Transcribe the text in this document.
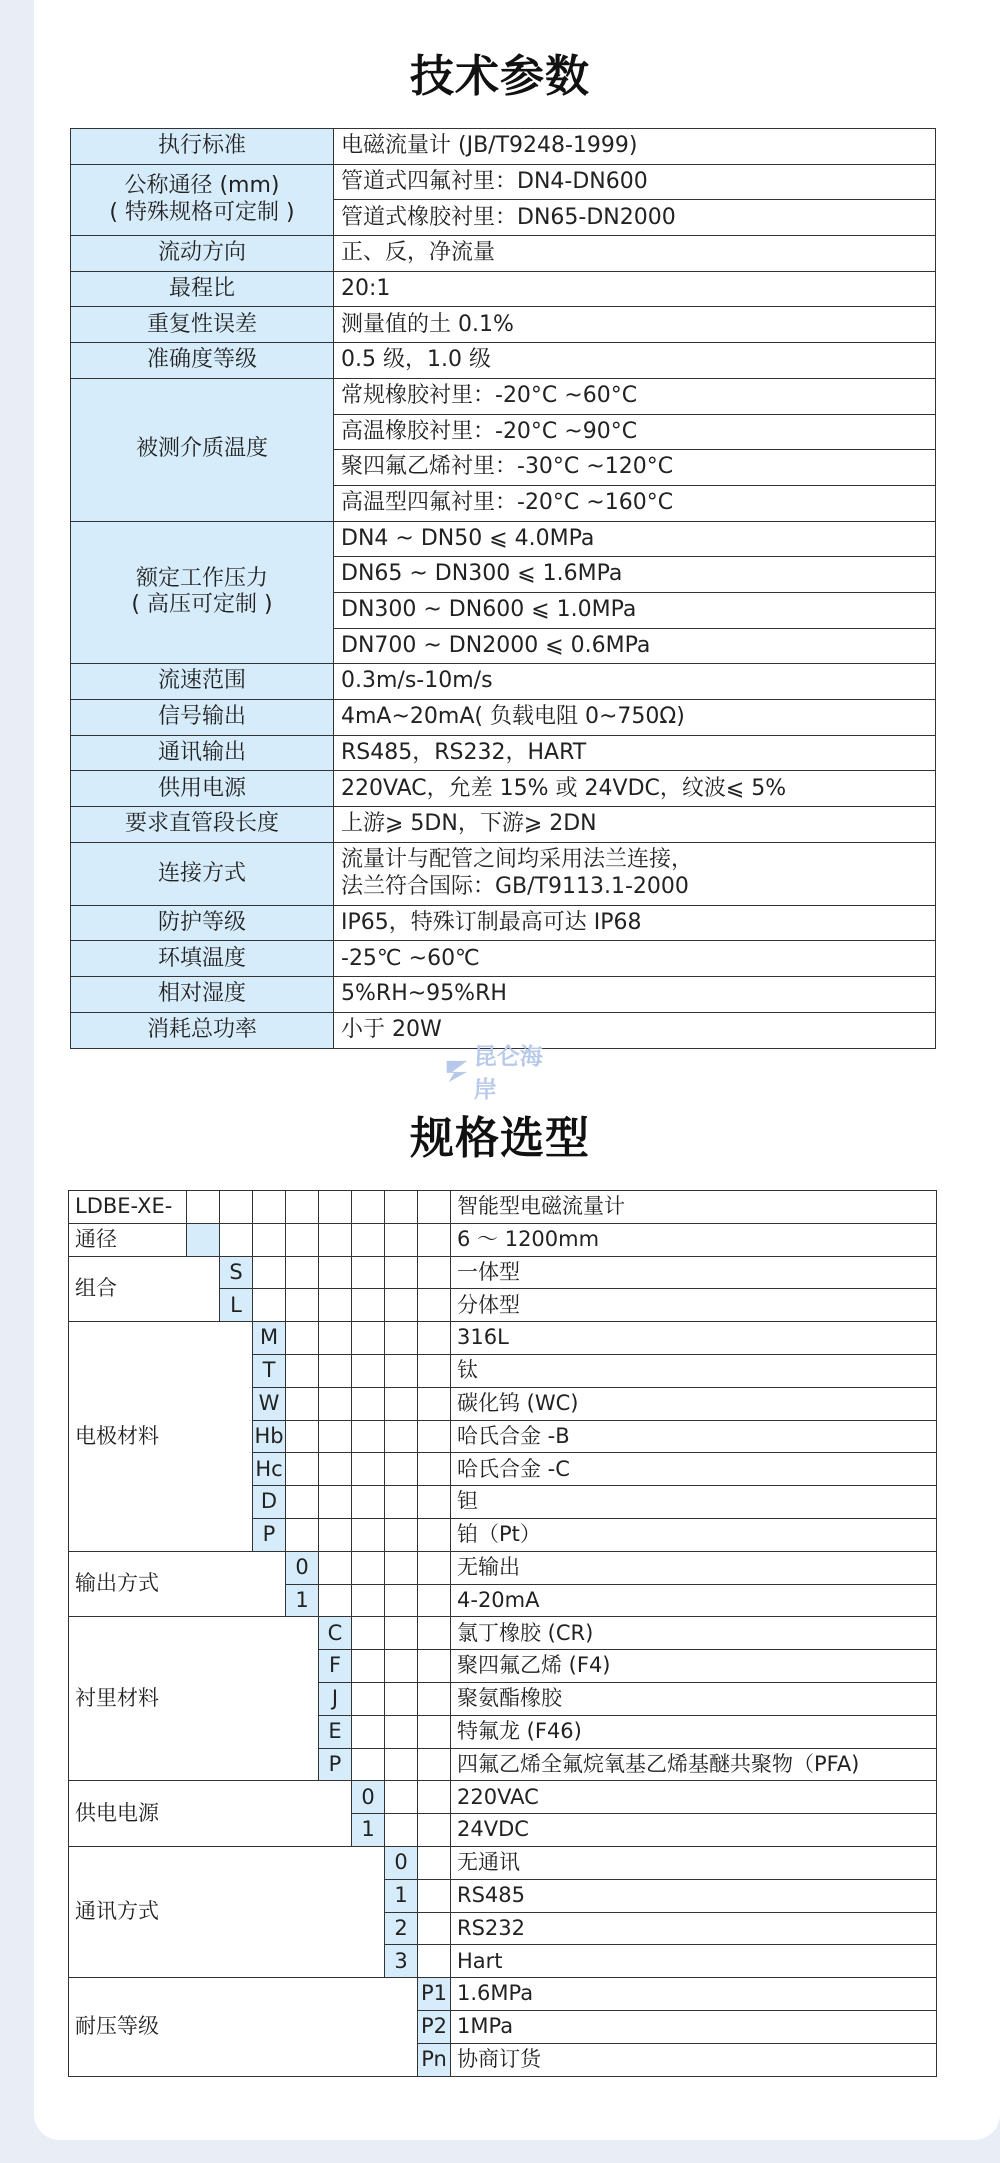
技术参数
执行标准	电磁流量计 (JB/T9248-1999)
公称通径 (mm)
( 特殊规格可定制 )	管道式四氟衬里：DN4-DN600
	管道式橡胶衬里：DN65-DN2000
流动方向	正、反，净流量
最程比	20:1
重复性误差	测量值的土 0.1%
准确度等级	0.5 级，1.0 级
被测介质温度	常规橡胶衬里：-20°C ~60°C
	高温橡胶衬里：-20°C ~90°C
	聚四氟乙烯衬里：-30°C ~120°C
	高温型四氟衬里：-20°C ~160°C
额定工作压力
( 高压可定制 )	DN4 ~ DN50 ⩽ 4.0MPa
	DN65 ~ DN300 ⩽ 1.6MPa
	DN300 ~ DN600 ⩽ 1.0MPa
	DN700 ~ DN2000 ⩽ 0.6MPa
流速范围	0.3m/s-10m/s
信号输出	4mA~20mA( 负载电阻 0~750Ω)
通讯输出	RS485，RS232，HART
供用电源	220VAC，允差 15% 或 24VDC，纹波⩽ 5%
要求直管段长度	上游⩾ 5DN，下游⩾ 2DN
连接方式	流量计与配管之间均采用法兰连接，
法兰符合国际：GB/T9113.1-2000
防护等级	IP65，特殊订制最高可达 IP68
环填温度	-25℃ ~60℃
相对湿度	5%RH~95%RH
消耗总功率	小于 20W
昆仑海岸
规格选型
LDBE-XE-									智能型电磁流量计
通径									6 ～ 1200mm
组合		S							一体型
		L							分体型
电极材料			M						316L
			T						钛
			W						碳化钨 (WC)
			Hb						哈氏合金 -B
			Hc						哈氏合金 -C
			D						钽
			P						铂（Pt）
输出方式				0					无输出
				1					4-20mA
衬里材料					C				氯丁橡胶 (CR)
					F				聚四氟乙烯 (F4)
					J				聚氨酯橡胶
					E				特氟龙 (F46)
					P				四氟乙烯全氟烷氧基乙烯基醚共聚物（PFA)
供电电源						0			220VAC
						1			24VDC
通讯方式							0		无通讯
							1		RS485
							2		RS232
							3		Hart
耐压等级								P1	1.6MPa
								P2	1MPa
								Pn	协商订货
